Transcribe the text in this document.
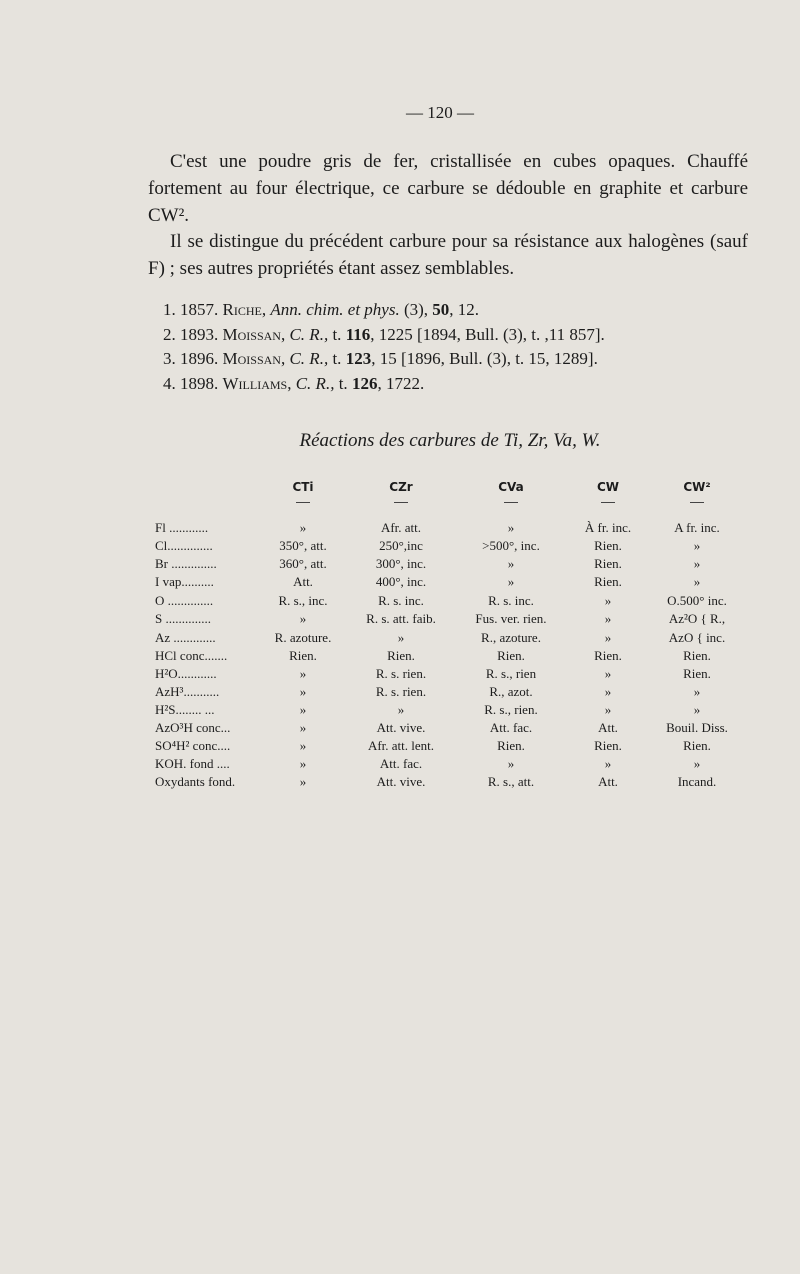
— 120 —

C'est une poudre gris de fer, cristallisée en cubes opaques. Chauffé fortement au four électrique, ce carbure se dédouble en graphite et carbure CW².

Il se distingue du précédent carbure pour sa résistance aux halogènes (sauf F) ; ses autres propriétés étant assez semblables.

1. 1857. Riche, Ann. chim. et phys. (3), 50, 12.
2. 1893. Moissan, C. R., t. 116, 1225 [1894, Bull. (3), t. ,11 857].
3. 1896. Moissan, C. R., t. 123, 15 [1896, Bull. (3), t. 15, 1289].
4. 1898. Williams, C. R., t. 126, 1722.
Réactions des carbures de Ti, Zr, Va, W.
CTi	CZr	CVa	CW	CW²
Fl ............	»	Afr. att.	»	À fr. inc.	A fr. inc.
Cl..............	350°, att.	250°,inc	>500°, inc.	Rien.	»
Br ..............	360°, att.	300°, inc.	»	Rien.	»
I vap..........	Att.	400°, inc.	»	Rien.	»
O ..............	R. s., inc.	R. s. inc.	R. s. inc.	»	O.500° inc.
S ..............	»	R. s. att. faib.	Fus. ver. rien.	»	Az²O { R.,
Az .............	R. azoture.	»	R., azoture.	»	AzO { inc.
HCl conc.......	Rien.	Rien.	Rien.	Rien.	Rien.
H²O............	»	R. s. rien.	R. s., rien	»	Rien.
AzH³...........	»	R. s. rien.	R., azot.	»	»
H²S........ ...	»	»	R. s., rien.	»	»
AzO³H conc...	»	Att. vive.	Att. fac.	Att.	Bouil. Diss.
SO⁴H² conc....	»	Afr. att. lent.	Rien.	Rien.	Rien.
KOH. fond ....	»	Att. fac.	»	»	»
Oxydants fond.	»	Att. vive.	R. s., att.	Att.	Incand.
